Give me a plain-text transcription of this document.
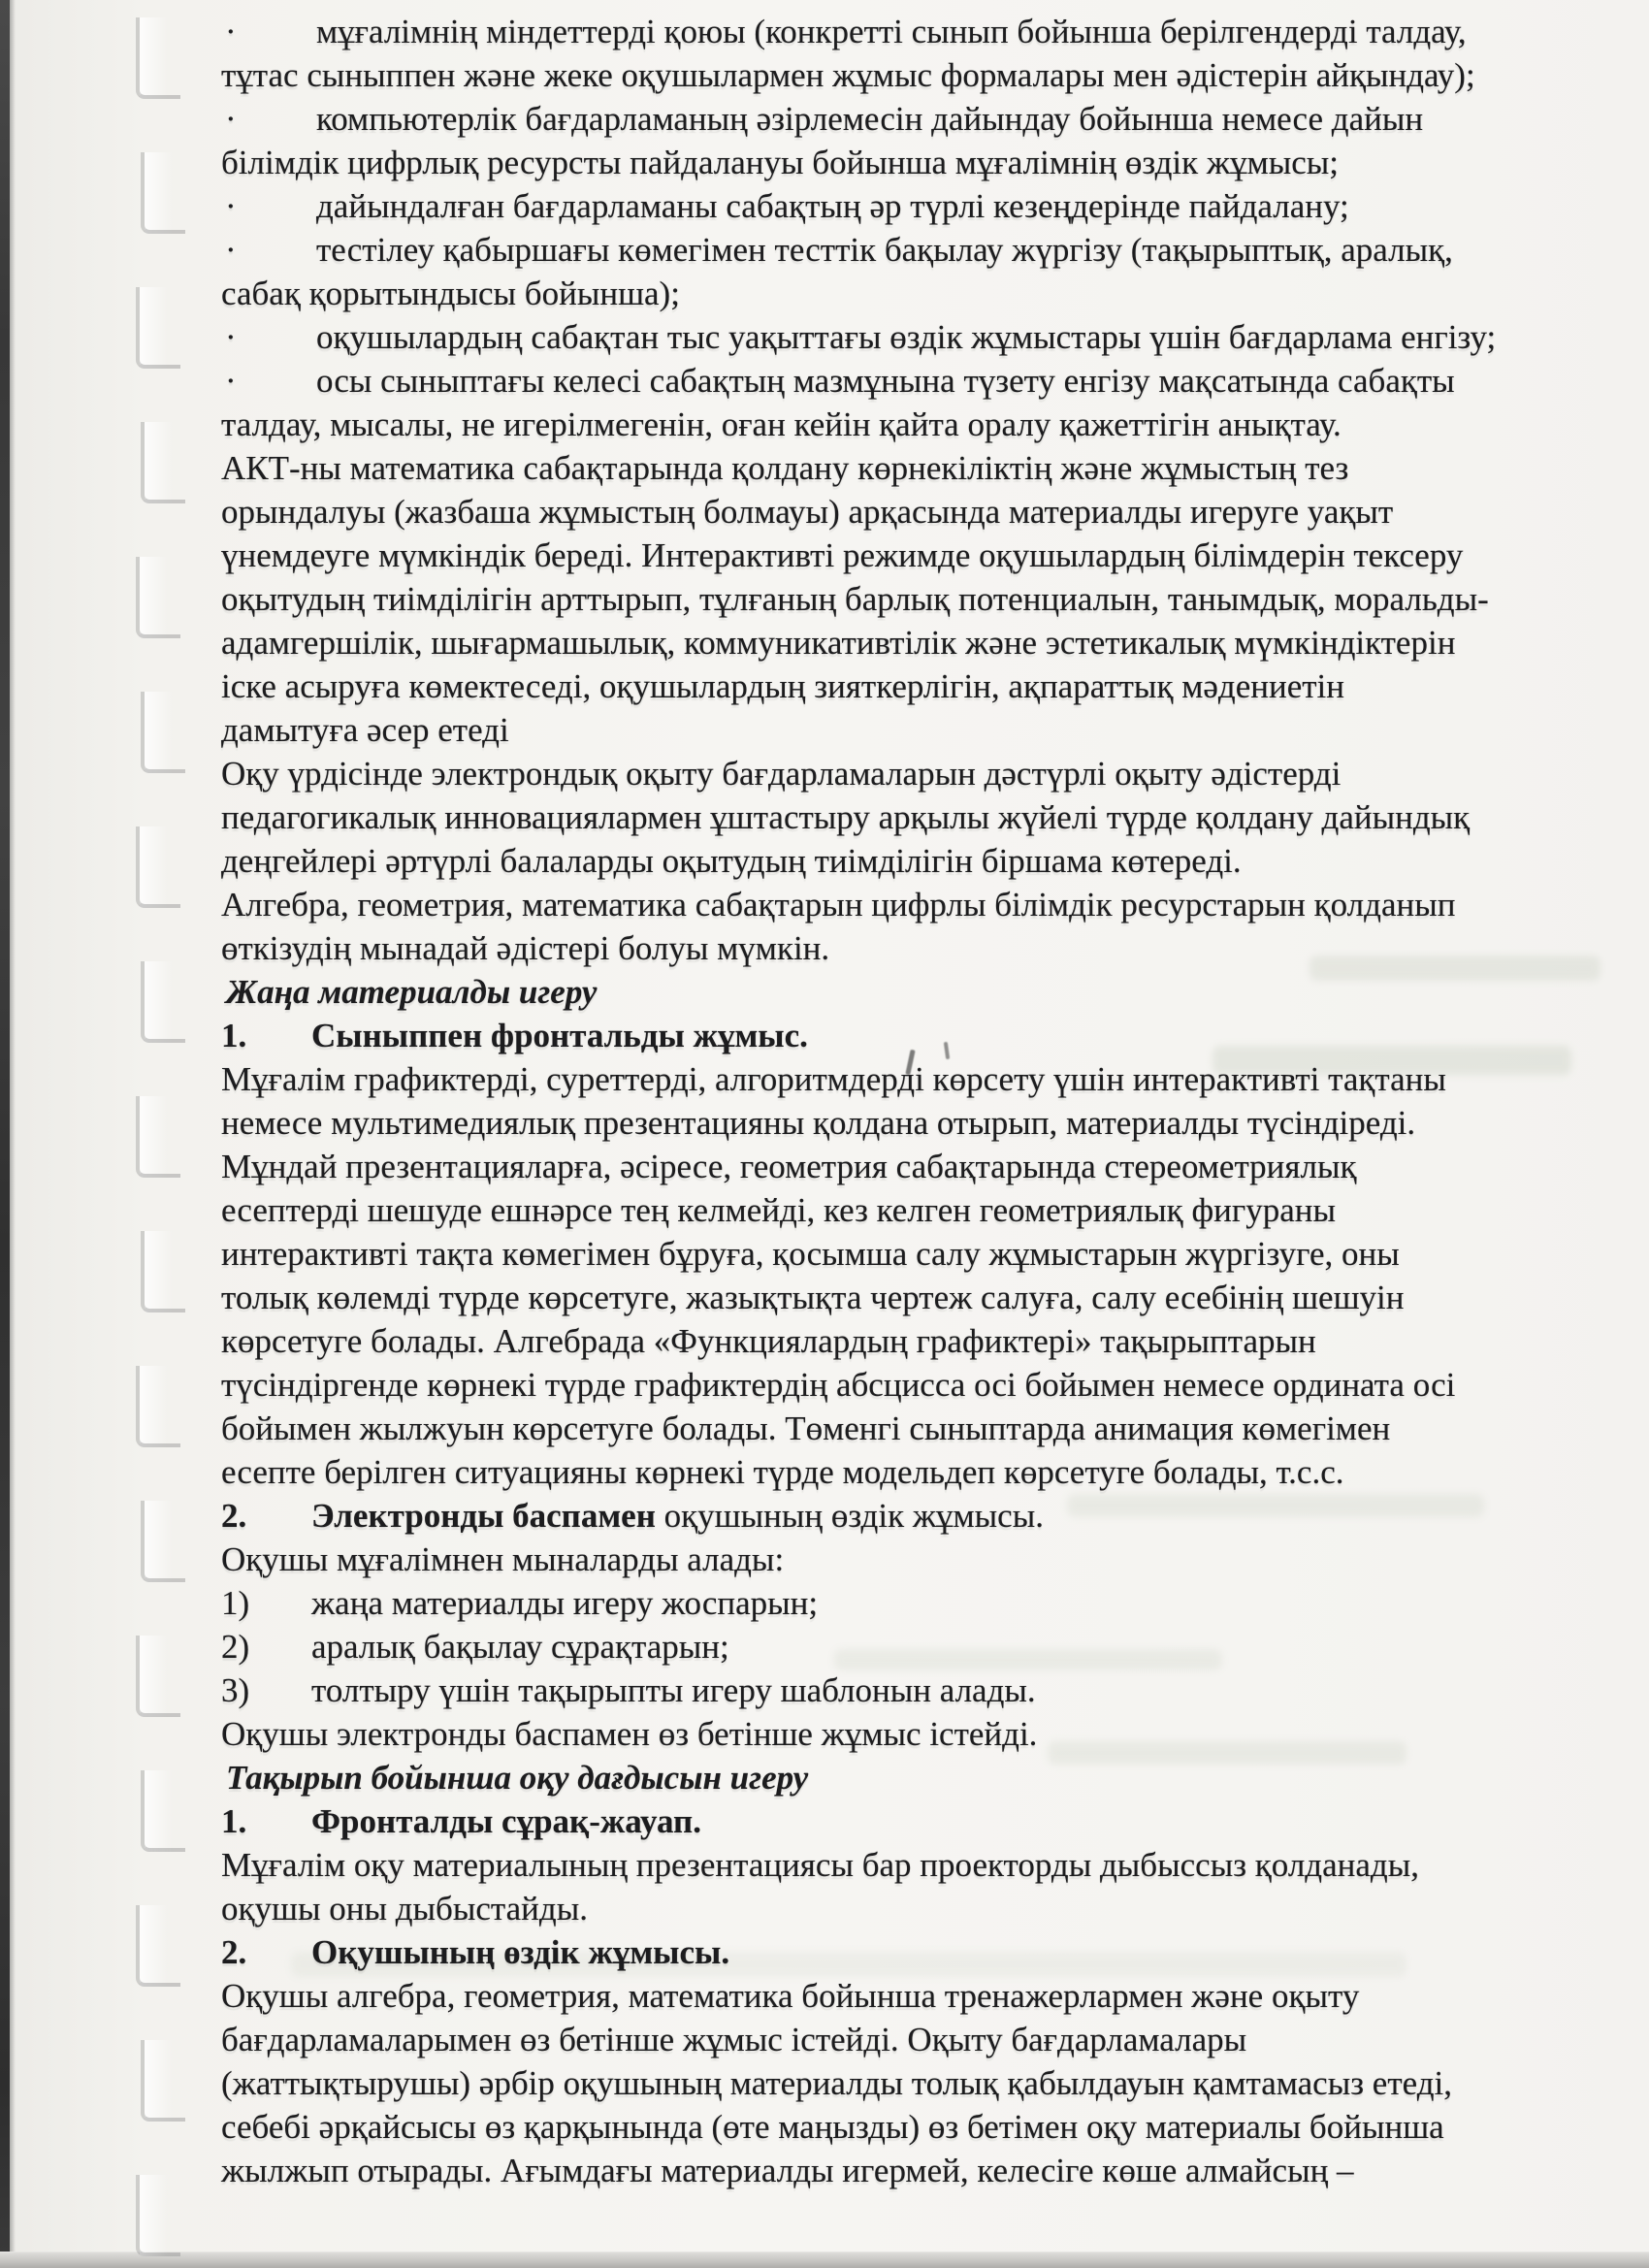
· мұғалімнің міндеттерді қоюы (конкретті сынып бойынша берілгендерді талдау,
тұтас сыныппен және жеке оқушылармен жұмыс формалары мен әдістерін айқындау);
· компьютерлік бағдарламаның әзірлемесін дайындау бойынша немесе дайын
білімдік цифрлық ресурсты пайдалануы бойынша мұғалімнің өздік жұмысы;
· дайындалған бағдарламаны сабақтың әр түрлі кезеңдерінде пайдалану;
· тестілеу қабыршағы көмегімен тесттік бақылау жүргізу (тақырыптық, аралық,
сабақ қорытындысы бойынша);
· оқушылардың сабақтан тыс уақыттағы өздік жұмыстары үшін бағдарлама енгізу;
· осы сыныптағы келесі сабақтың мазмұнына түзету енгізу мақсатында сабақты
талдау, мысалы, не игерілмегенін, оған кейін қайта оралу қажеттігін анықтау.
АКТ-ны математика сабақтарында қолдану көрнекіліктің және жұмыстың тез
орындалуы (жазбаша жұмыстың болмауы) арқасында материалды игеруге уақыт
үнемдеуге мүмкіндік береді. Интерактивті режимде оқушылардың білімдерін тексеру
оқытудың тиімділігін арттырып, тұлғаның барлық потенциалын, танымдық, моральды-
адамгершілік, шығармашылық, коммуникативтілік және эстетикалық мүмкіндіктерін
іске асыруға көмектеседі, оқушылардың зияткерлігін, ақпараттық мәдениетін
дамытуға әсер етеді
Оқу үрдісінде электрондық оқыту бағдарламаларын дәстүрлі оқыту әдістерді
педагогикалық инновациялармен ұштастыру арқылы жүйелі түрде қолдану дайындық
деңгейлері әртүрлі балаларды оқытудың тиімділігін біршама көтереді.
Алгебра, геометрия, математика сабақтарын цифрлы білімдік ресурстарын қолданып
өткізудің мынадай әдістері болуы мүмкін.
Жаңа материалды игеру
1. Сыныппен фронтальды жұмыс.
Мұғалім графиктерді, суреттерді, алгоритмдерді көрсету үшін интерактивті тақтаны
немесе мультимедиялық презентацияны қолдана отырып, материалды түсіндіреді.
Мұндай презентацияларға, әсіресе, геометрия сабақтарында стереометриялық
есептерді шешуде ешнәрсе тең келмейді, кез келген геометриялық фигураны
интерактивті тақта көмегімен бұруға, қосымша салу жұмыстарын жүргізуге, оны
толық көлемді түрде көрсетуге, жазықтықта чертеж салуға, салу есебінің шешуін
көрсетуге болады. Алгебрада «Функциялардың графиктері» тақырыптарын
түсіндіргенде көрнекі түрде графиктердің абсцисса осі бойымен немесе ордината осі
бойымен жылжуын көрсетуге болады. Төменгі сыныптарда анимация көмегімен
есепте берілген ситуацияны көрнекі түрде модельдеп көрсетуге болады, т.с.с.
2. Электронды баспамен оқушының өздік жұмысы.
Оқушы мұғалімнен мыналарды алады:
1) жаңа материалды игеру жоспарын;
2) аралық бақылау сұрақтарын;
3) толтыру үшін тақырыпты игеру шаблонын алады.
Оқушы электронды баспамен өз бетінше жұмыс істейді.
Тақырып бойынша оқу дағдысын игеру
1. Фронталды сұрақ-жауап.
Мұғалім оқу материалының презентациясы бар проекторды дыбыссыз қолданады,
оқушы оны дыбыстайды.
2. Оқушының өздік жұмысы.
Оқушы алгебра, геометрия, математика бойынша тренажерлармен және оқыту
бағдарламаларымен өз бетінше жұмыс істейді. Оқыту бағдарламалары
(жаттықтырушы) әрбір оқушының материалды толық қабылдауын қамтамасыз етеді,
себебі әрқайсысы өз қарқынында (өте маңызды) өз бетімен оқу материалы бойынша
жылжып отырады. Ағымдағы материалды игермей, келесіге көше алмайсың –
